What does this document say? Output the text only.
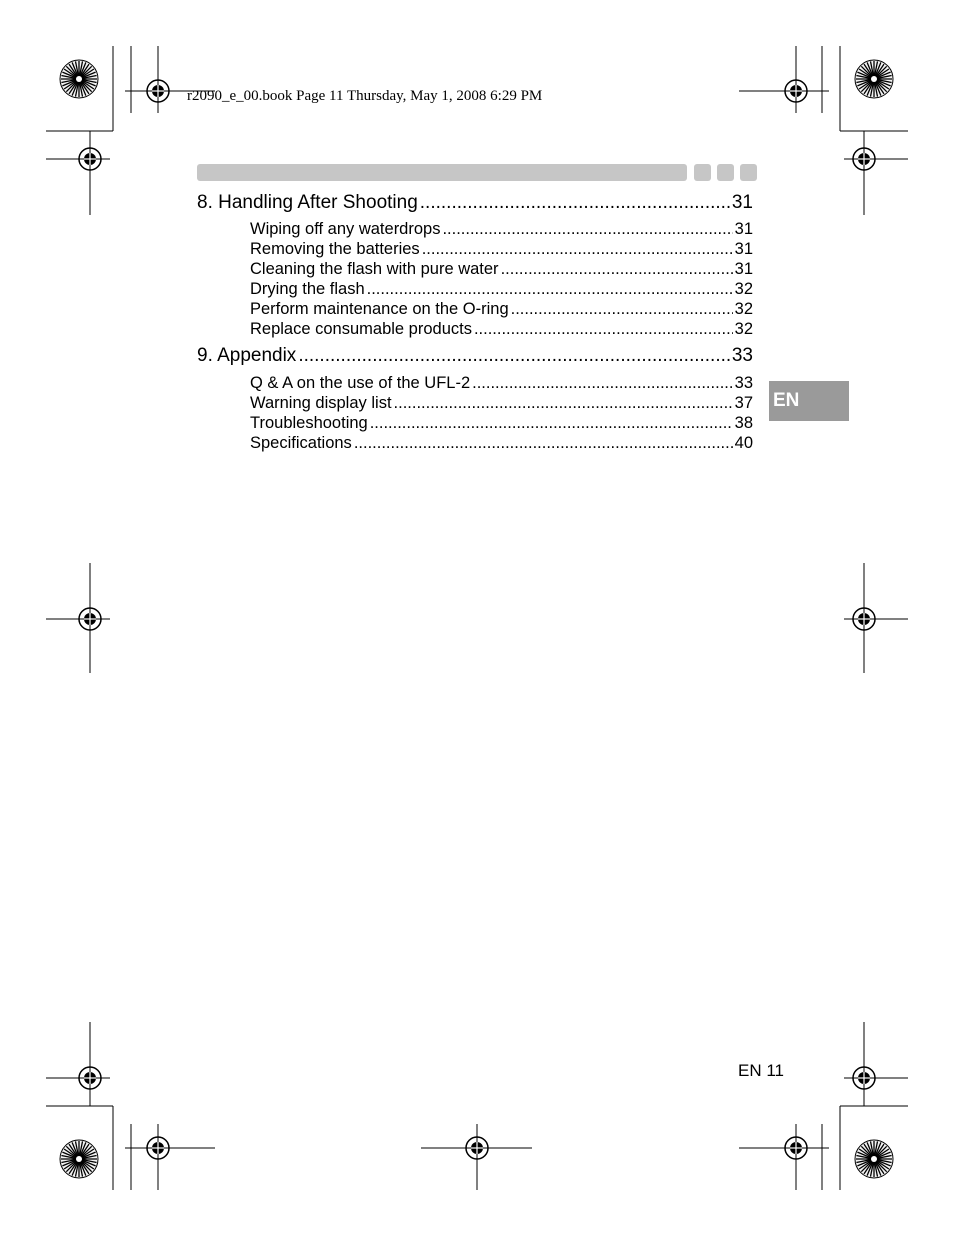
r2090_e_00.book Page 11 Thursday, May 1, 2008 6:29 PM
8. Handling After Shooting .....	31
Wiping off any waterdrops .....	31
Removing the batteries .....	31
Cleaning the flash with pure water .....	31
Drying the flash .....	32
Perform maintenance on the O-ring .....	32
Replace consumable products .....	32
9. Appendix .....	33
Q & A on the use of the UFL-2 .....	33
Warning display list .....	37
Troubleshooting .....	38
Specifications .....	40
EN
EN 11
